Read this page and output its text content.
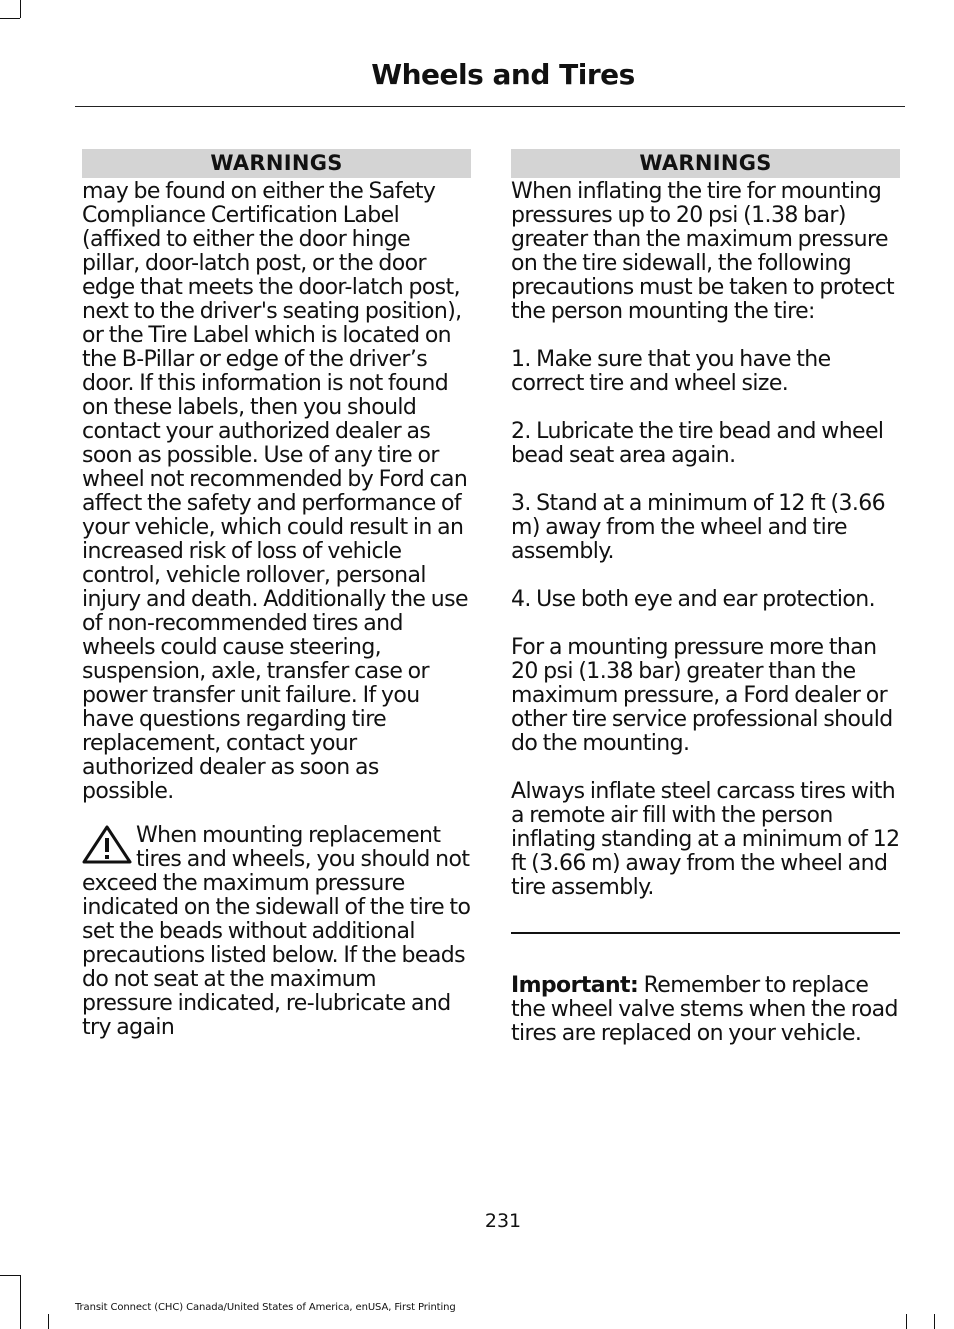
Wheels and Tires
WARNINGS

may be found on either the Safety Compliance Certification Label (affixed to either the door hinge pillar, door-latch post, or the door edge that meets the door-latch post, next to the driver's seating position), or the Tire Label which is located on the B-Pillar or edge of the driver’s door. If this information is not found on these labels, then you should contact your authorized dealer as soon as possible. Use of any tire or wheel not recommended by Ford can affect the safety and performance of your vehicle, which could result in an increased risk of loss of vehicle control, vehicle rollover, personal injury and death. Additionally the use of non-recommended tires and wheels could cause steering, suspension, axle, transfer case or power transfer unit failure. If you have questions regarding tire replacement, contact your authorized dealer as soon as possible.

When mounting replacement tires and wheels, you should not exceed the maximum pressure indicated on the sidewall of the tire to set the beads without additional precautions listed below. If the beads do not seat at the maximum pressure indicated, re-lubricate and try again
WARNINGS

When inflating the tire for mounting pressures up to 20 psi (1.38 bar) greater than the maximum pressure on the tire sidewall, the following precautions must be taken to protect the person mounting the tire:

1. Make sure that you have the correct tire and wheel size.

2. Lubricate the tire bead and wheel bead seat area again.

3. Stand at a minimum of 12 ft (3.66 m) away from the wheel and tire assembly.

4. Use both eye and ear protection.

For a mounting pressure more than 20 psi (1.38 bar) greater than the maximum pressure, a Ford dealer or other tire service professional should do the mounting.

Always inflate steel carcass tires with a remote air fill with the person inflating standing at a minimum of 12 ft (3.66 m) away from the wheel and tire assembly.

Important: Remember to replace the wheel valve stems when the road tires are replaced on your vehicle.

231
Transit Connect (CHC) Canada/United States of America, enUSA, First Printing
